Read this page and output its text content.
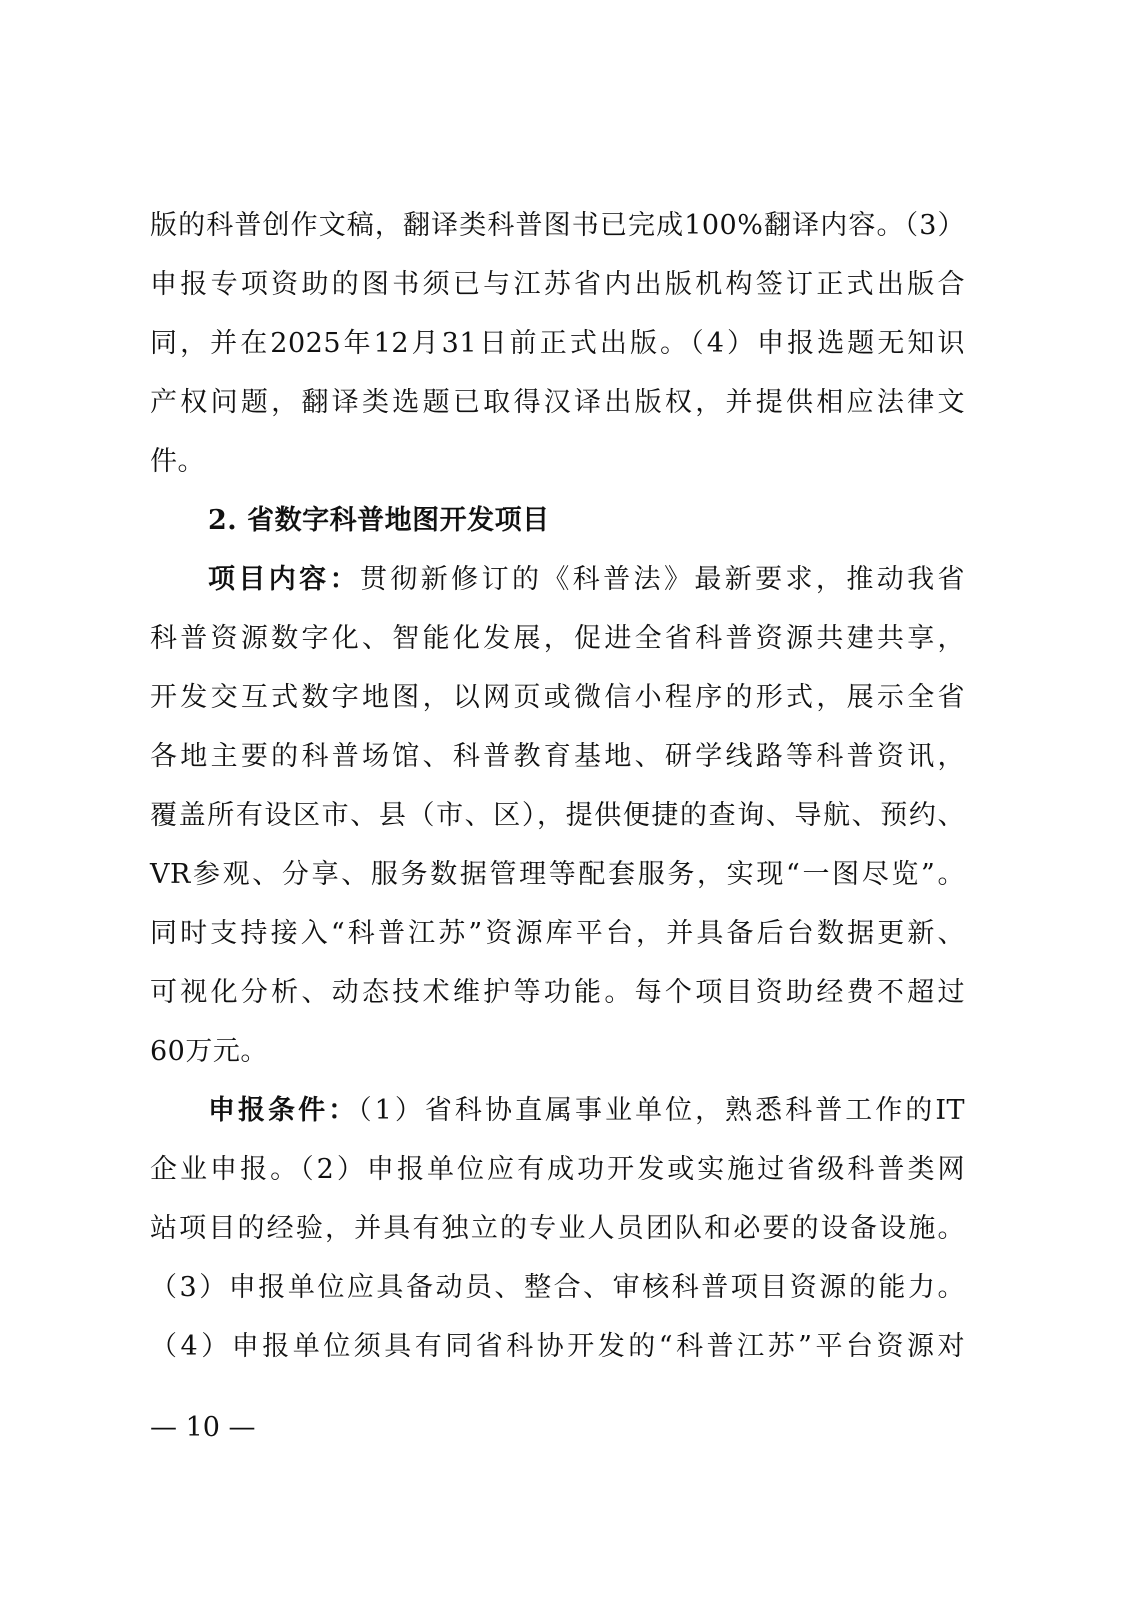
版的科普创作文稿，翻译类科普图书已完成100%翻译内容。（3）
申报专项资助的图书须已与江苏省内出版机构签订正式出版合
同，并在2025年12月31日前正式出版。（4）申报选题无知识
产权问题，翻译类选题已取得汉译出版权，并提供相应法律文
件。
2. 省数字科普地图开发项目
项目内容：贯彻新修订的《科普法》最新要求，推动我省
科普资源数字化、智能化发展，促进全省科普资源共建共享，
开发交互式数字地图，以网页或微信小程序的形式，展示全省
各地主要的科普场馆、科普教育基地、研学线路等科普资讯，
覆盖所有设区市、县（市、区），提供便捷的查询、导航、预约、
VR参观、分享、服务数据管理等配套服务，实现“一图尽览”。
同时支持接入“科普江苏”资源库平台，并具备后台数据更新、
可视化分析、动态技术维护等功能。每个项目资助经费不超过
60万元。
申报条件：（1）省科协直属事业单位，熟悉科普工作的IT
企业申报。（2）申报单位应有成功开发或实施过省级科普类网
站项目的经验，并具有独立的专业人员团队和必要的设备设施。
（3）申报单位应具备动员、整合、审核科普项目资源的能力。
（4）申报单位须具有同省科协开发的“科普江苏”平台资源对
— 10 —
